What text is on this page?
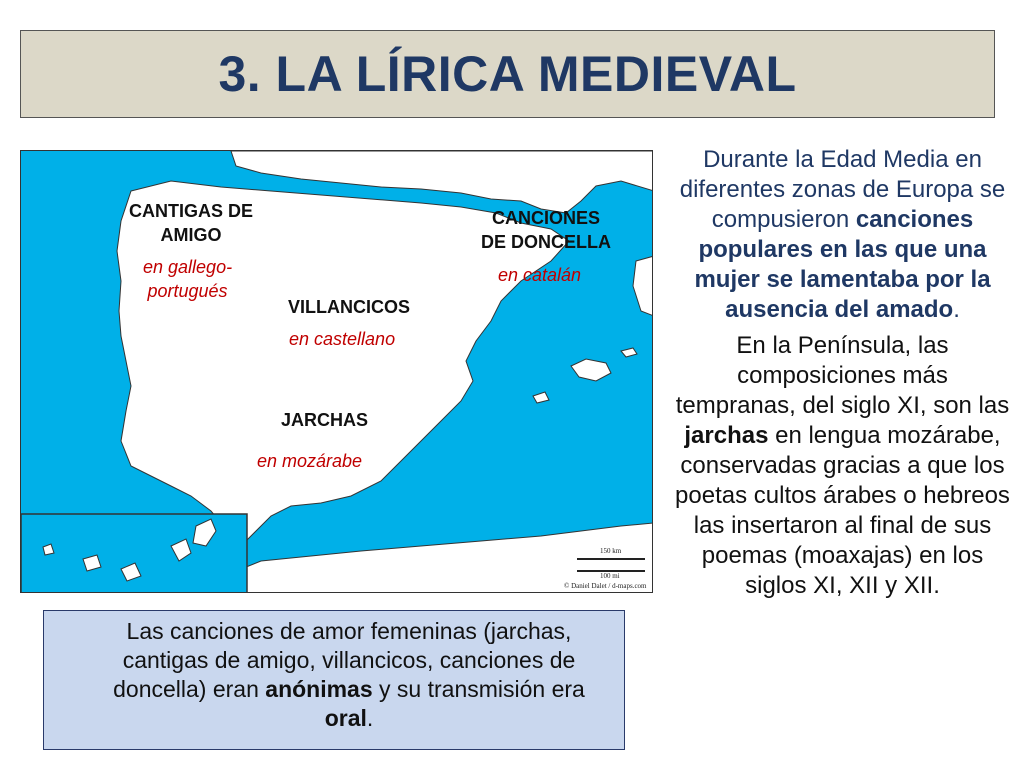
3. LA LÍRICA MEDIEVAL
CANTIGAS DE
AMIGO
en gallego-
portugués
CANCIONES
DE DONCELLA
en catalán
VILLANCICOS
en castellano
JARCHAS
en mozárabe
150 km
100 mi
© Daniel Dalet / d-maps.com

Durante la Edad Media en diferentes zonas de Europa se compusieron canciones populares en las que una mujer se lamentaba por la ausencia del amado.

En la Península, las composiciones más tempranas, del siglo XI, son las jarchas en lengua mozárabe, conservadas gracias a que los poetas cultos árabes o hebreos las insertaron al final de sus poemas (moaxajas) en los siglos XI, XII y XII.

Las canciones de amor femeninas (jarchas, cantigas de amigo, villancicos, canciones de doncella) eran anónimas y su transmisión era oral.
